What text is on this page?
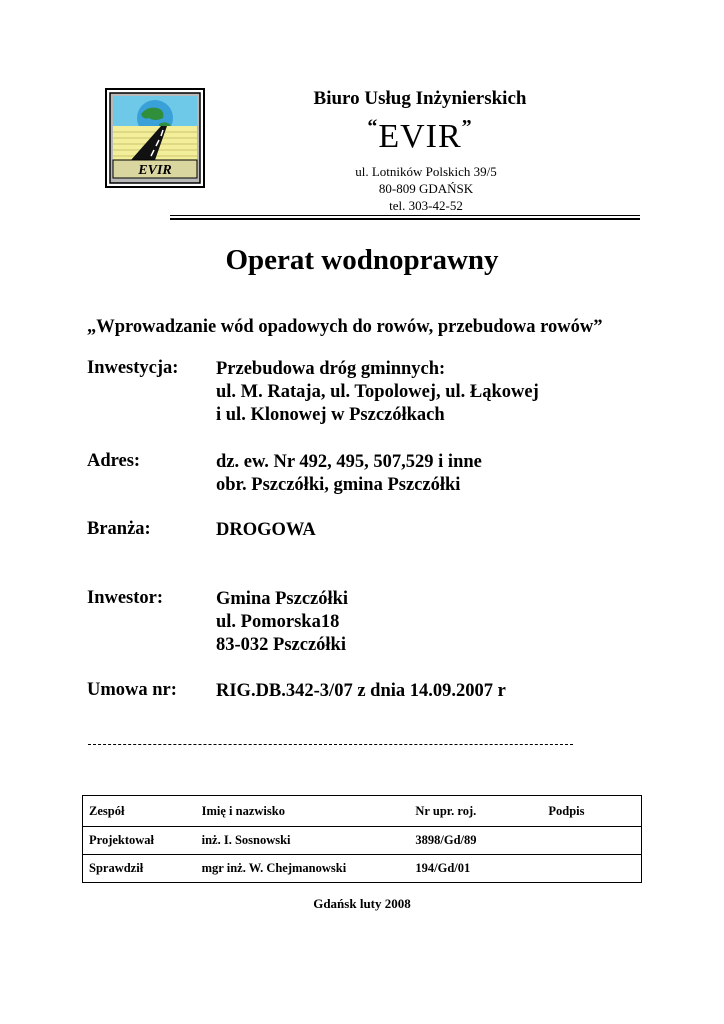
EVIR
Biuro Usług Inżynierskich
“EVIR”
ul. Lotników Polskich 39/5
80-809 GDAŃSK
tel. 303-42-52
Operat wodnoprawny
„Wprowadzanie wód opadowych do rowów, przebudowa rowów”
Inwestycja: Przebudowa dróg gminnych:
ul. M. Rataja, ul. Topolowej, ul. Łąkowej
i ul. Klonowej w Pszczółkach
Adres:	dz. ew. Nr 492, 495, 507,529 i inne
obr. Pszczółki, gmina Pszczółki
Branża:	DROGOWA
Inwestor:	Gmina Pszczółki
ul. Pomorska18
83-032 Pszczółki
Umowa nr: RIG.DB.342-3/07 z dnia 14.09.2007 r
Zespół	Imię i nazwisko	Nr upr. roj.	Podpis
Projektował	inż. I. Sosnowski	3898/Gd/89	
Sprawdził	mgr inż. W. Chejmanowski	194/Gd/01	
Gdańsk luty 2008
